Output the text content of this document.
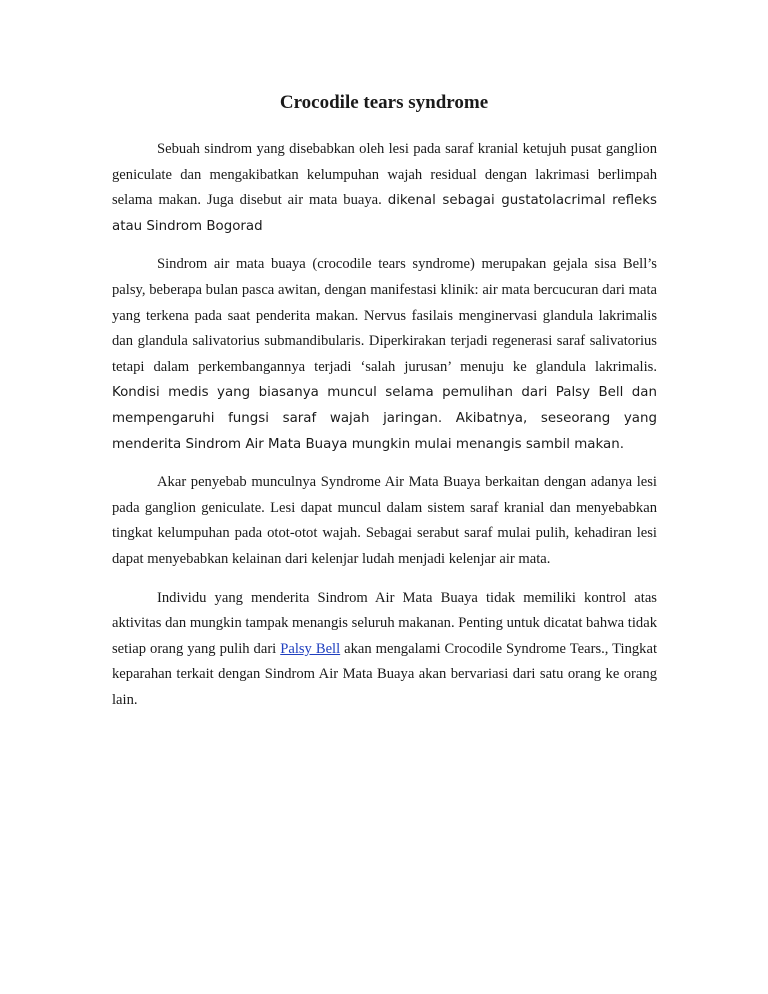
Crocodile tears syndrome

Sebuah sindrom yang disebabkan oleh lesi pada saraf kranial ketujuh pusat ganglion geniculate dan mengakibatkan kelumpuhan wajah residual dengan lakrimasi berlimpah selama makan. Juga disebut air mata buaya. dikenal sebagai gustatolacrimal refleks atau Sindrom Bogorad

Sindrom air mata buaya (crocodile tears syndrome) merupakan gejala sisa Bell’s palsy, beberapa bulan pasca awitan, dengan manifestasi klinik: air mata bercucuran dari mata yang terkena pada saat penderita makan. Nervus fasilais menginervasi glandula lakrimalis dan glandula salivatorius submandibularis. Diperkirakan terjadi regenerasi saraf salivatorius tetapi dalam perkembangannya terjadi ‘salah jurusan’ menuju ke glandula lakrimalis. Kondisi medis yang biasanya muncul selama pemulihan dari Palsy Bell dan mempengaruhi fungsi saraf wajah jaringan. Akibatnya, seseorang yang menderita Sindrom Air Mata Buaya mungkin mulai menangis sambil makan.

Akar penyebab munculnya Syndrome Air Mata Buaya berkaitan dengan adanya lesi pada ganglion geniculate. Lesi dapat muncul dalam sistem saraf kranial dan menyebabkan tingkat kelumpuhan pada otot-otot wajah. Sebagai serabut saraf mulai pulih, kehadiran lesi dapat menyebabkan kelainan dari kelenjar ludah menjadi kelenjar air mata.

Individu yang menderita Sindrom Air Mata Buaya tidak memiliki kontrol atas aktivitas dan mungkin tampak menangis seluruh makanan. Penting untuk dicatat bahwa tidak setiap orang yang pulih dari Palsy Bell akan mengalami Crocodile Syndrome Tears., Tingkat keparahan terkait dengan Sindrom Air Mata Buaya akan bervariasi dari satu orang ke orang lain.
